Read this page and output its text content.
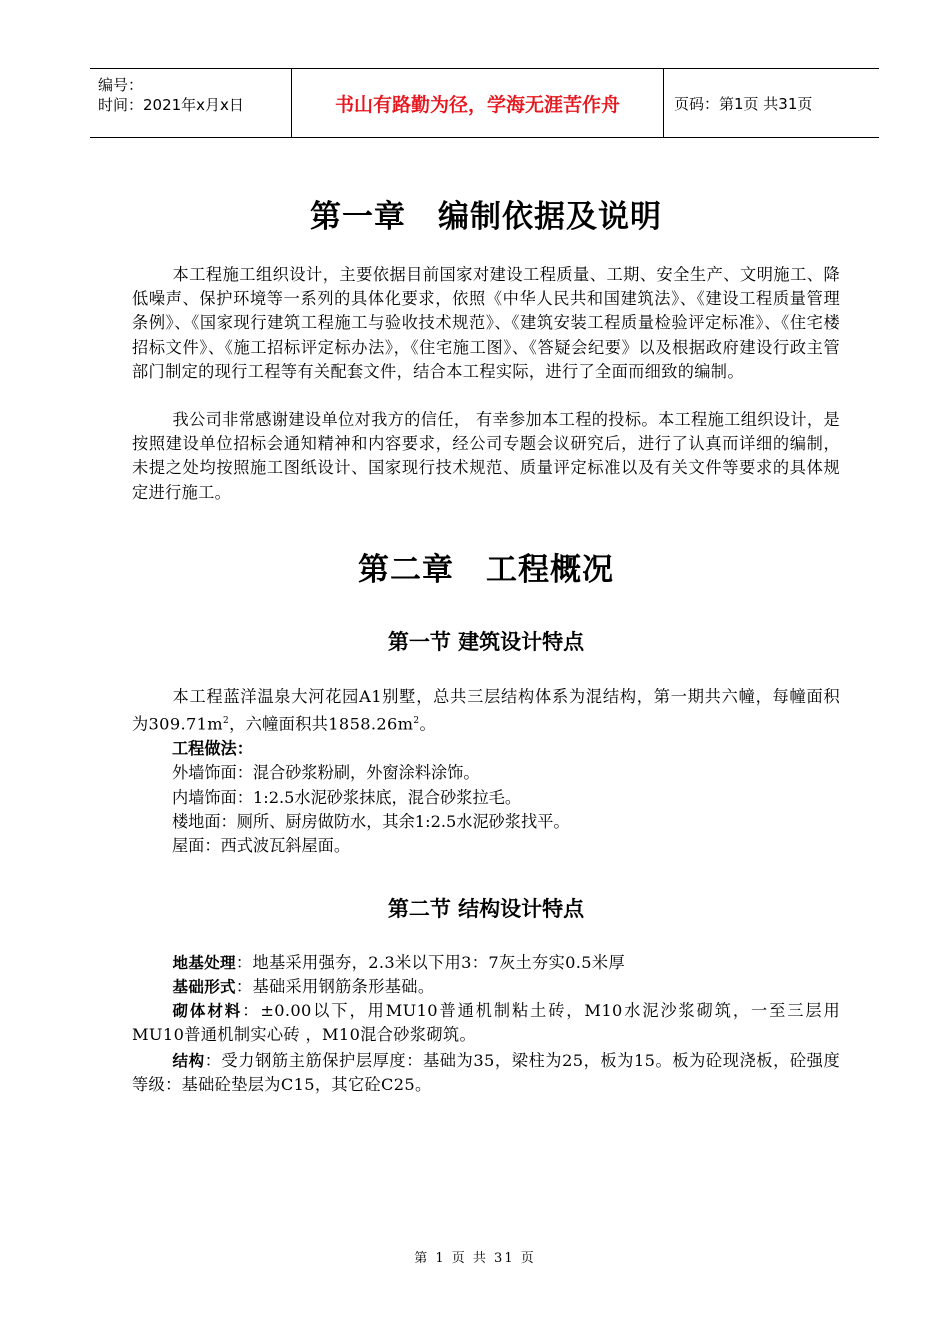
编号：
时间：2021年x月x日	书山有路勤为径，学海无涯苦作舟	页码：第1页 共31页
第一章　编制依据及说明

本工程施工组织设计，主要依据目前国家对建设工程质量、工期、安全生产、文明施工、降低噪声、保护环境等一系列的具体化要求，依照《中华人民共和国建筑法》、《建设工程质量管理条例》、《国家现行建筑工程施工与验收技术规范》、《建筑安装工程质量检验评定标准》、《住宅楼招标文件》、《施工招标评定标办法》，《住宅施工图》、《答疑会纪要》以及根据政府建设行政主管部门制定的现行工程等有关配套文件，结合本工程实际，进行了全面而细致的编制。

我公司非常感谢建设单位对我方的信任， 有幸参加本工程的投标。本工程施工组织设计，是按照建设单位招标会通知精神和内容要求，经公司专题会议研究后，进行了认真而详细的编制，未提之处均按照施工图纸设计、国家现行技术规范、质量评定标准以及有关文件等要求的具体规定进行施工。

第二章　工程概况
第一节 建筑设计特点

本工程蓝洋温泉大河花园A1别墅，总共三层结构体系为混结构，第一期共六幢，每幢面积为$309.71m^2$，六幢面积共$1858.26m^2$。

工程做法：

外墙饰面：混合砂浆粉刷，外窗涂料涂饰。

内墙饰面：1:2.5水泥砂浆抹底，混合砂浆拉毛。

楼地面：厕所、厨房做防水，其余1:2.5水泥砂浆找平。

屋面：西式波瓦斜屋面。

第二节 结构设计特点

地基处理：地基采用强夯，2.3米以下用3：7灰土夯实0.5米厚

基础形式：基础采用钢筋条形基础。

砌体材料：±0.00以下，用MU10普通机制粘土砖，M10水泥沙浆砌筑，一至三层用MU10普通机制实心砖 ，M10混合砂浆砌筑。

结构：受力钢筋主筋保护层厚度：基础为35，梁柱为25，板为15。板为砼现浇板，砼强度等级：基础砼垫层为C15，其它砼C25。

第 1 页 共 31 页
